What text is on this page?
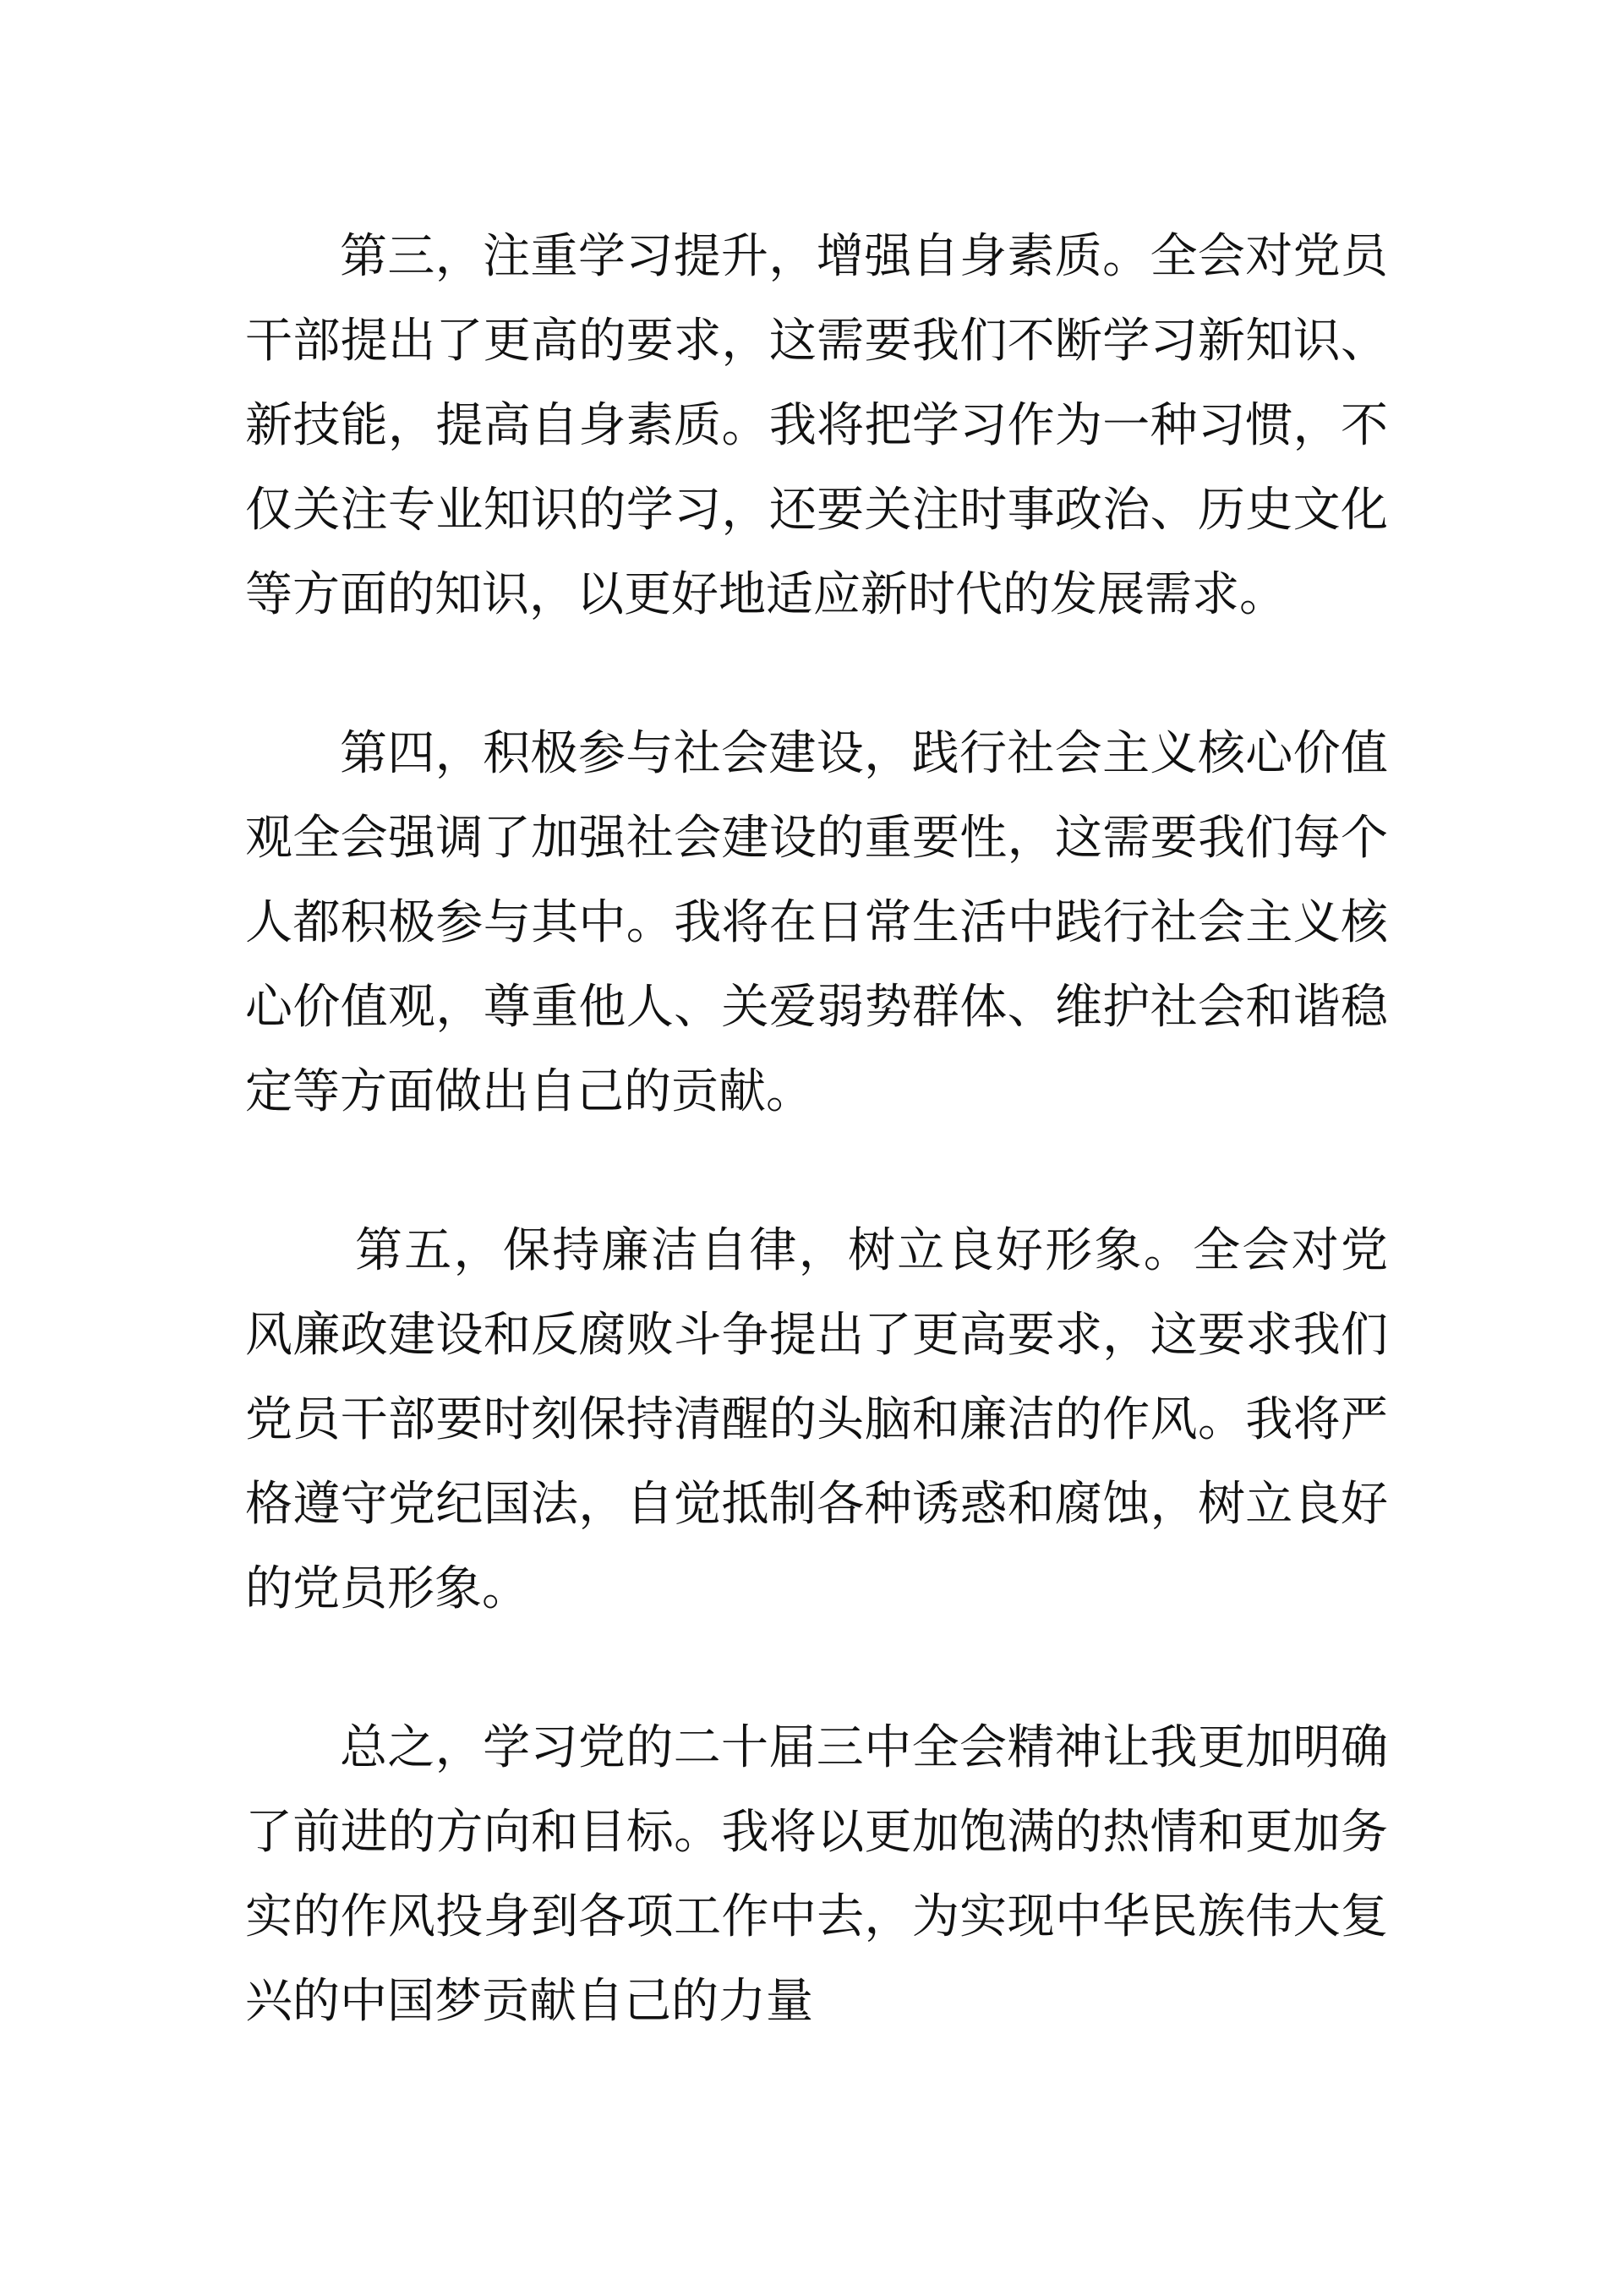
第三，注重学习提升，增强自身素质。全会对党员干部提出了更高的要求，这需要我们不断学习新知识、新技能，提高自身素质。我将把学习作为一种习惯，不仅关注专业知识的学习，还要关注时事政治、历史文化等方面的知识，以更好地适应新时代的发展需求。

第四，积极参与社会建设，践行社会主义核心价值观全会强调了加强社会建设的重要性，这需要我们每个人都积极参与其中。我将在日常生活中践行社会主义核心价值观，尊重他人、关爱弱势群体、维护社会和谐稳定等方面做出自己的贡献。

第五，保持廉洁自律，树立良好形象。全会对党风廉政建设和反腐败斗争提出了更高要求，这要求我们党员干部要时刻保持清醒的头脑和廉洁的作风。我将严格遵守党纪国法，自觉抵制各种诱惑和腐蚀，树立良好的党员形象。

总之，学习党的二十届三中全会精神让我更加明确了前进的方向和目标。我将以更加饱满的热情和更加务实的作风投身到各项工作中去，为实现中华民族伟大复兴的中国梦贡献自己的力量
